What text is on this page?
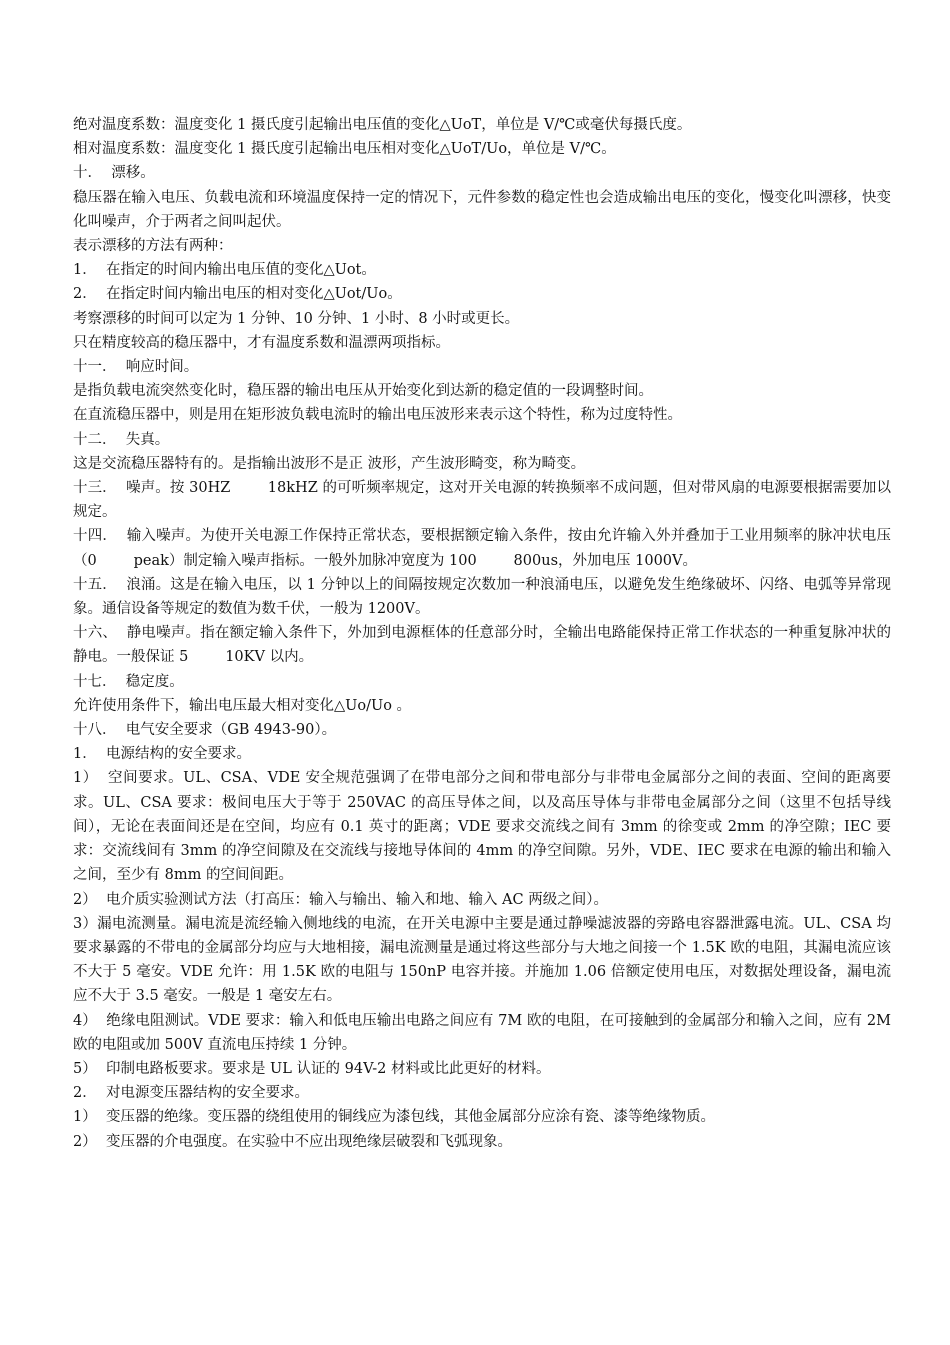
绝对温度系数：温度变化 1 摄氏度引起输出电压值的变化△UoT，单位是 V/℃或毫伏每摄氏度。

相对温度系数：温度变化 1 摄氏度引起输出电压相对变化△UoT/Uo，单位是 V/℃。

十．  漂移。

稳压器在输入电压、负载电流和环境温度保持一定的情况下，元件参数的稳定性也会造成输出电压的变化，慢变化叫漂移，快变化叫噪声，介于两者之间叫起伏。

表示漂移的方法有两种：

1．  在指定的时间内输出电压值的变化△Uot。

2．  在指定时间内输出电压的相对变化△Uot/Uo。

考察漂移的时间可以定为 1 分钟、10 分钟、1 小时、8 小时或更长。

只在精度较高的稳压器中，才有温度系数和温漂两项指标。

十一．  响应时间。

是指负载电流突然变化时，稳压器的输出电压从开始变化到达新的稳定值的一段调整时间。

在直流稳压器中，则是用在矩形波负载电流时的输出电压波形来表示这个特性，称为过度特性。

十二．  失真。

这是交流稳压器特有的。是指输出波形不是正 波形，产生波形畸变，称为畸变。

十三．  噪声。按 30HZ        18kHZ 的可听频率规定，这对开关电源的转换频率不成问题，但对带风扇的电源要根据需要加以规定。

十四．  输入噪声。为使开关电源工作保持正常状态，要根据额定输入条件，按由允许输入外并叠加于工业用频率的脉冲状电压（0        peak）制定输入噪声指标。一般外加脉冲宽度为 100        800us，外加电压 1000V。

十五．  浪涌。这是在输入电压，以 1 分钟以上的间隔按规定次数加一种浪涌电压，以避免发生绝缘破坏、闪络、电弧等异常现象。通信设备等规定的数值为数千伏，一般为 1200V。

十六、  静电噪声。指在额定输入条件下，外加到电源框体的任意部分时，全输出电路能保持正常工作状态的一种重复脉冲状的静电。一般保证 5        10KV 以内。

十七．  稳定度。

允许使用条件下，输出电压最大相对变化△Uo/Uo 。

十八．  电气安全要求（GB 4943-90）。

1．  电源结构的安全要求。

1）  空间要求。UL、CSA、VDE 安全规范强调了在带电部分之间和带电部分与非带电金属部分之间的表面、空间的距离要求。UL、CSA 要求：极间电压大于等于 250VAC 的高压导体之间，以及高压导体与非带电金属部分之间（这里不包括导线间），无论在表面间还是在空间，均应有 0.1 英寸的距离；VDE 要求交流线之间有 3mm 的徐变或 2mm 的净空隙；IEC 要求：交流线间有 3mm 的净空间隙及在交流线与接地导体间的 4mm 的净空间隙。另外，VDE、IEC 要求在电源的输出和输入之间，至少有 8mm 的空间间距。

2）  电介质实验测试方法（打高压：输入与输出、输入和地、输入 AC 两级之间）。

3）漏电流测量。漏电流是流经输入侧地线的电流，在开关电源中主要是通过静噪滤波器的旁路电容器泄露电流。UL、CSA 均要求暴露的不带电的金属部分均应与大地相接，漏电流测量是通过将这些部分与大地之间接一个 1.5K 欧的电阻，其漏电流应该不大于 5 毫安。VDE 允许：用 1.5K 欧的电阻与 150nP 电容并接。并施加 1.06 倍额定使用电压，对数据处理设备，漏电流应不大于 3.5 毫安。一般是 1 毫安左右。

4）  绝缘电阻测试。VDE 要求：输入和低电压输出电路之间应有 7M 欧的电阻，在可接触到的金属部分和输入之间，应有 2M 欧的电阻或加 500V 直流电压持续 1 分钟。

5）  印制电路板要求。要求是 UL 认证的 94V-2 材料或比此更好的材料。

2．  对电源变压器结构的安全要求。

1）  变压器的绝缘。变压器的绕组使用的铜线应为漆包线，其他金属部分应涂有瓷、漆等绝缘物质。

2）  变压器的介电强度。在实验中不应出现绝缘层破裂和飞弧现象。
